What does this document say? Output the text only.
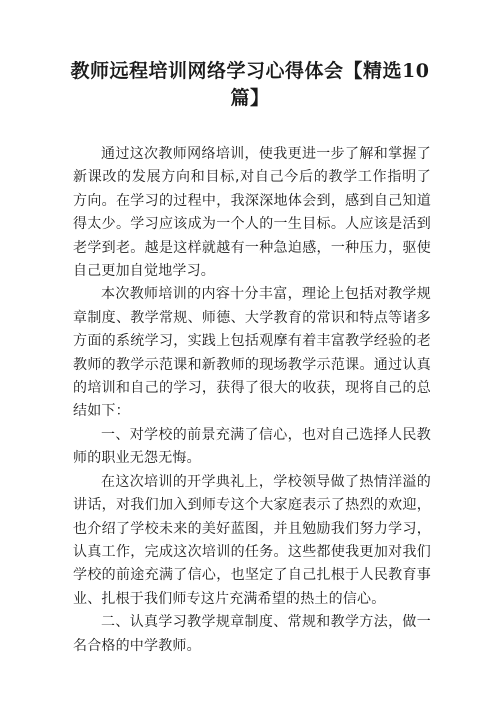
教师远程培训网络学习心得体会【精选10篇】

通过这次教师网络培训，使我更进一步了解和掌握了新课改的发展方向和目标,对自己今后的教学工作指明了方向。在学习的过程中，我深深地体会到，感到自己知道得太少。学习应该成为一个人的一生目标。人应该是活到老学到老。越是这样就越有一种急迫感，一种压力，驱使自己更加自觉地学习。

本次教师培训的内容十分丰富，理论上包括对教学规章制度、教学常规、师德、大学教育的常识和特点等诸多方面的系统学习，实践上包括观摩有着丰富教学经验的老教师的教学示范课和新教师的现场教学示范课。通过认真的培训和自己的学习，获得了很大的收获，现将自己的总结如下：

一、对学校的前景充满了信心，也对自己选择人民教师的职业无怨无悔。

在这次培训的开学典礼上，学校领导做了热情洋溢的讲话，对我们加入到师专这个大家庭表示了热烈的欢迎，也介绍了学校未来的美好蓝图，并且勉励我们努力学习，认真工作，完成这次培训的任务。这些都使我更加对我们学校的前途充满了信心，也坚定了自己扎根于人民教育事业、扎根于我们师专这片充满希望的热土的信心。

二、认真学习教学规章制度、常规和教学方法，做一名合格的中学教师。
